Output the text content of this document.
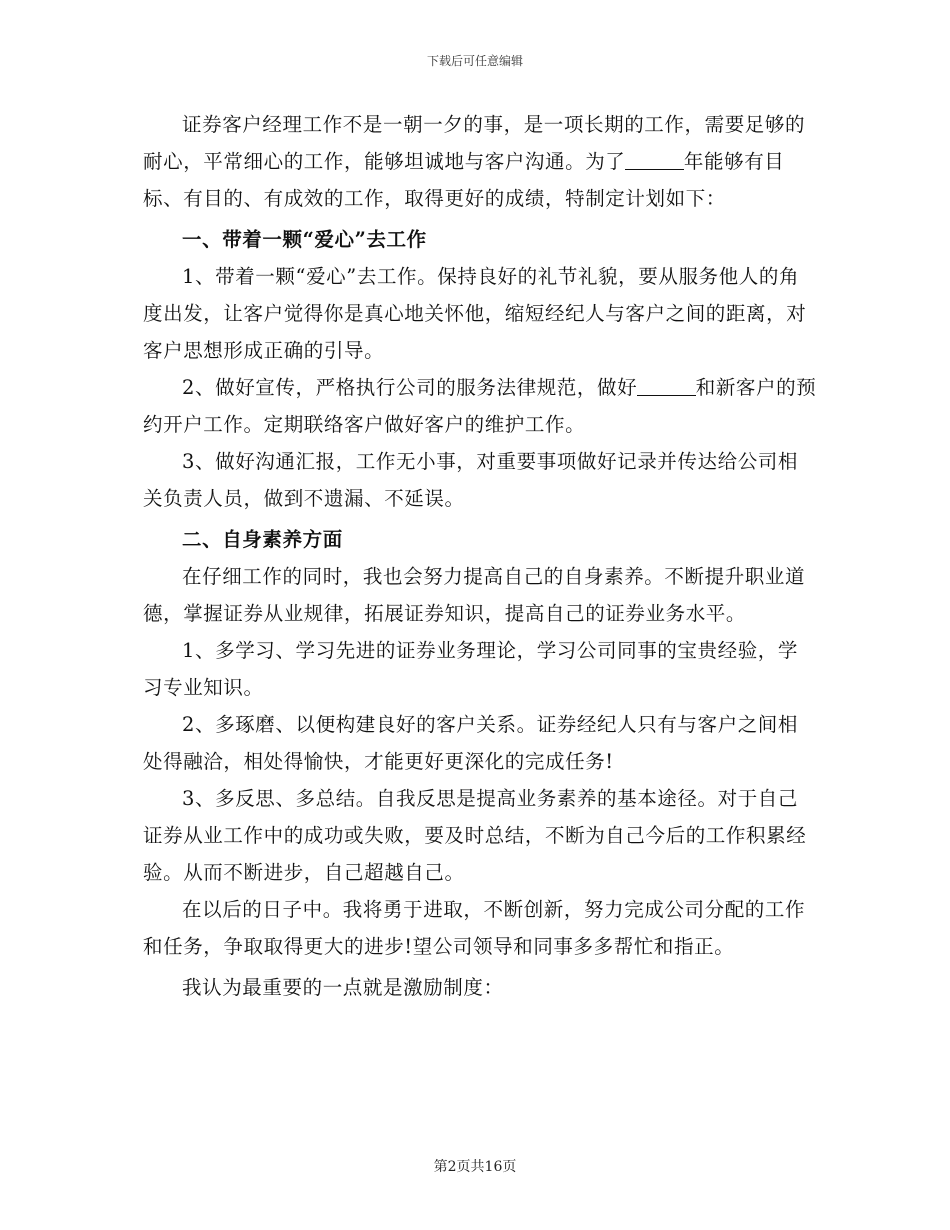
下载后可任意编辑

证券客户经理工作不是一朝一夕的事，是一项长期的工作，需要足够的耐心，平常细心的工作，能够坦诚地与客户沟通。为了	年能够有目标、有目的、有成效的工作，取得更好的成绩，特制定计划如下：

一、带着一颗“爱心”去工作

1、带着一颗“爱心”去工作。保持良好的礼节礼貌，要从服务他人的角度出发，让客户觉得你是真心地关怀他，缩短经纪人与客户之间的距离，对客户思想形成正确的引导。

2、做好宣传，严格执行公司的服务法律规范，做好	和新客户的预约开户工作。定期联络客户做好客户的维护工作。

3、做好沟通汇报，工作无小事，对重要事项做好记录并传达给公司相关负责人员，做到不遗漏、不延误。

二、自身素养方面

在仔细工作的同时，我也会努力提高自己的自身素养。不断提升职业道德，掌握证券从业规律，拓展证券知识，提高自己的证券业务水平。

1、多学习、学习先进的证券业务理论，学习公司同事的宝贵经验，学习专业知识。

2、多琢磨、以便构建良好的客户关系。证券经纪人只有与客户之间相处得融洽，相处得愉快，才能更好更深化的完成任务!

3、多反思、多总结。自我反思是提高业务素养的基本途径。对于自己证券从业工作中的成功或失败，要及时总结，不断为自己今后的工作积累经验。从而不断进步，自己超越自己。

在以后的日子中。我将勇于进取，不断创新，努力完成公司分配的工作和任务，争取取得更大的进步!望公司领导和同事多多帮忙和指正。

我认为最重要的一点就是激励制度：

第2页共16页
